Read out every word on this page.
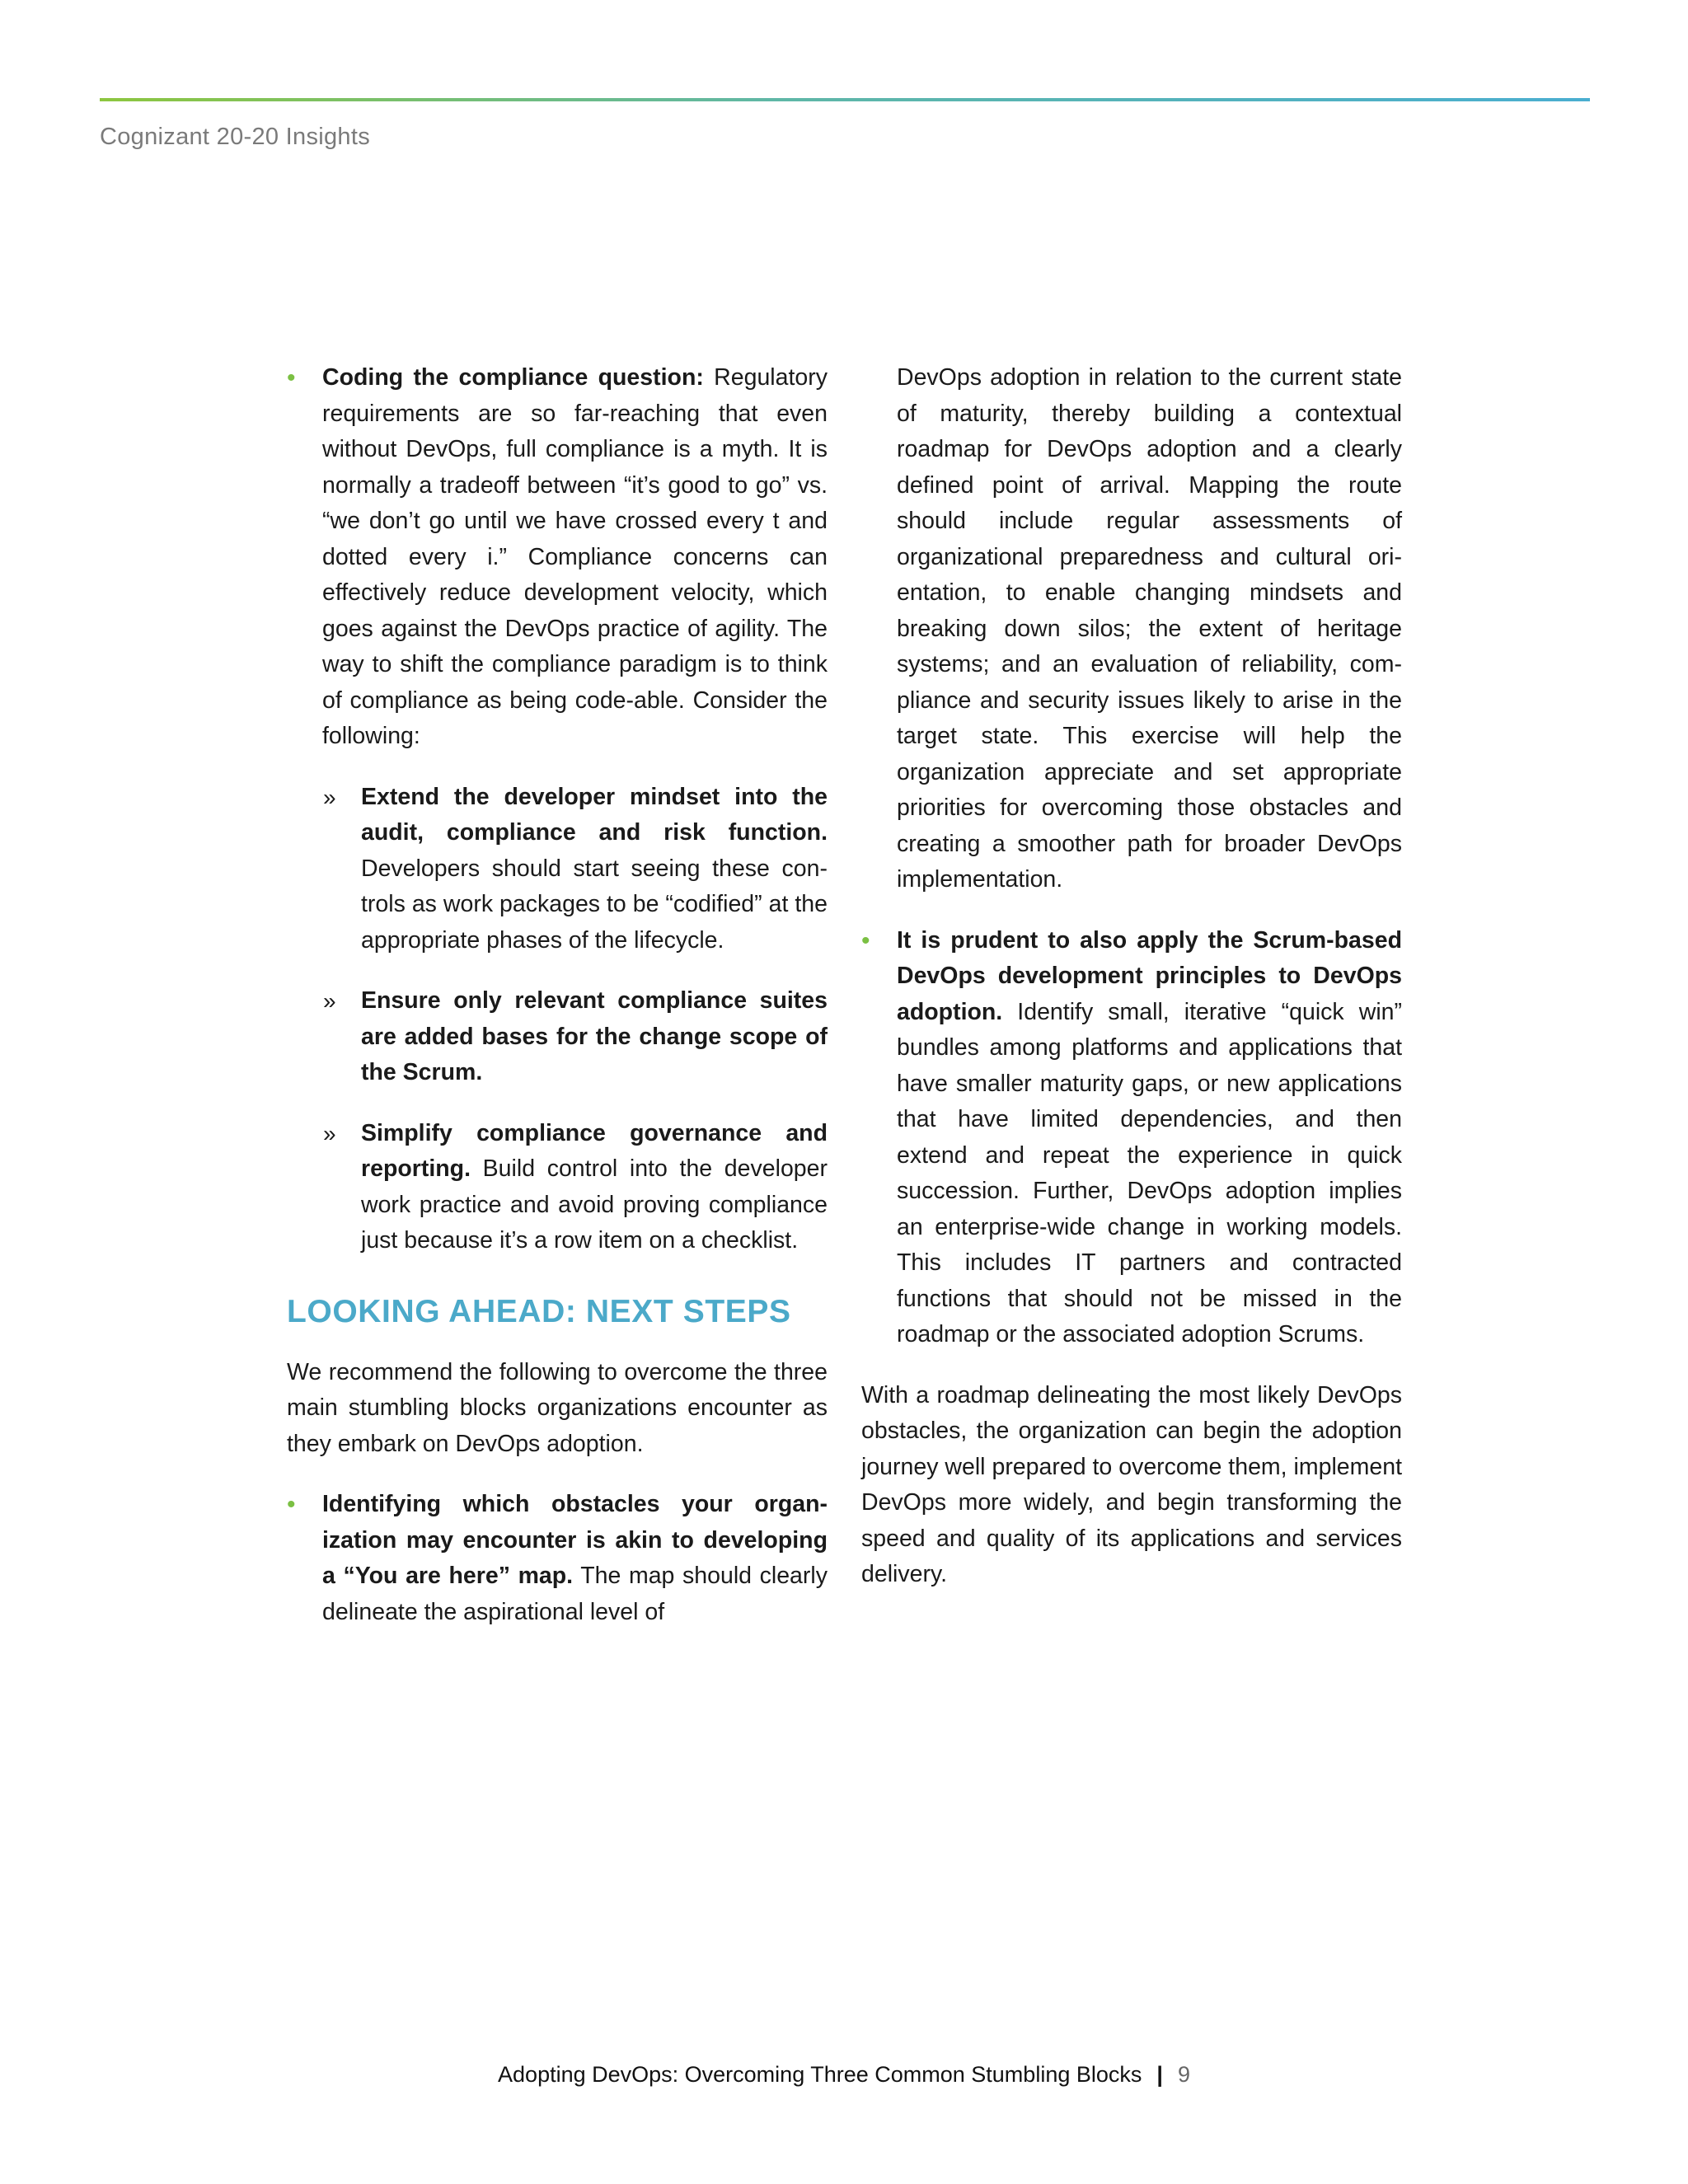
Cognizant 20-20 Insights
• Coding the compliance question: Regulatory requirements are so far-reaching that even without DevOps, full compliance is a myth. It is normally a tradeoff between “it’s good to go” vs. “we don’t go until we have crossed every t and dotted every i.” Compliance concerns can effectively reduce development velocity, which goes against the DevOps practice of agility. The way to shift the compliance paradigm is to think of compliance as being code-able. Consider the following:
» Extend the developer mindset into the audit, compliance and risk function. Developers should start seeing these controls as work packages to be “codified” at the appropriate phases of the lifecycle.
» Ensure only relevant compliance suites are added bases for the change scope of the Scrum.
» Simplify compliance governance and reporting. Build control into the developer work practice and avoid proving compliance just because it’s a row item on a checklist.
LOOKING AHEAD: NEXT STEPS

We recommend the following to overcome the three main stumbling blocks organizations encounter as they embark on DevOps adoption.

• Identifying which obstacles your organization may encounter is akin to developing a “You are here” map. The map should clearly delineate the aspirational level of

DevOps adoption in relation to the current state of maturity, thereby building a contextual roadmap for DevOps adoption and a clearly defined point of arrival. Mapping the route should include regular assessments of organizational preparedness and cultural orientation, to enable changing mindsets and breaking down silos; the extent of heritage systems; and an evaluation of reliability, compliance and security issues likely to arise in the target state. This exercise will help the organization appreciate and set appropriate priorities for overcoming those obstacles and creating a smoother path for broader DevOps implementation.

• It is prudent to also apply the Scrum-based DevOps development principles to DevOps adoption. Identify small, iterative “quick win” bundles among platforms and applications that have smaller maturity gaps, or new applications that have limited dependencies, and then extend and repeat the experience in quick succession. Further, DevOps adoption implies an enterprise-wide change in working models. This includes IT partners and contracted functions that should not be missed in the roadmap or the associated adoption Scrums.

With a roadmap delineating the most likely DevOps obstacles, the organization can begin the adoption journey well prepared to overcome them, implement DevOps more widely, and begin transforming the speed and quality of its applications and services delivery.

Adopting DevOps: Overcoming Three Common Stumbling Blocks | 9
